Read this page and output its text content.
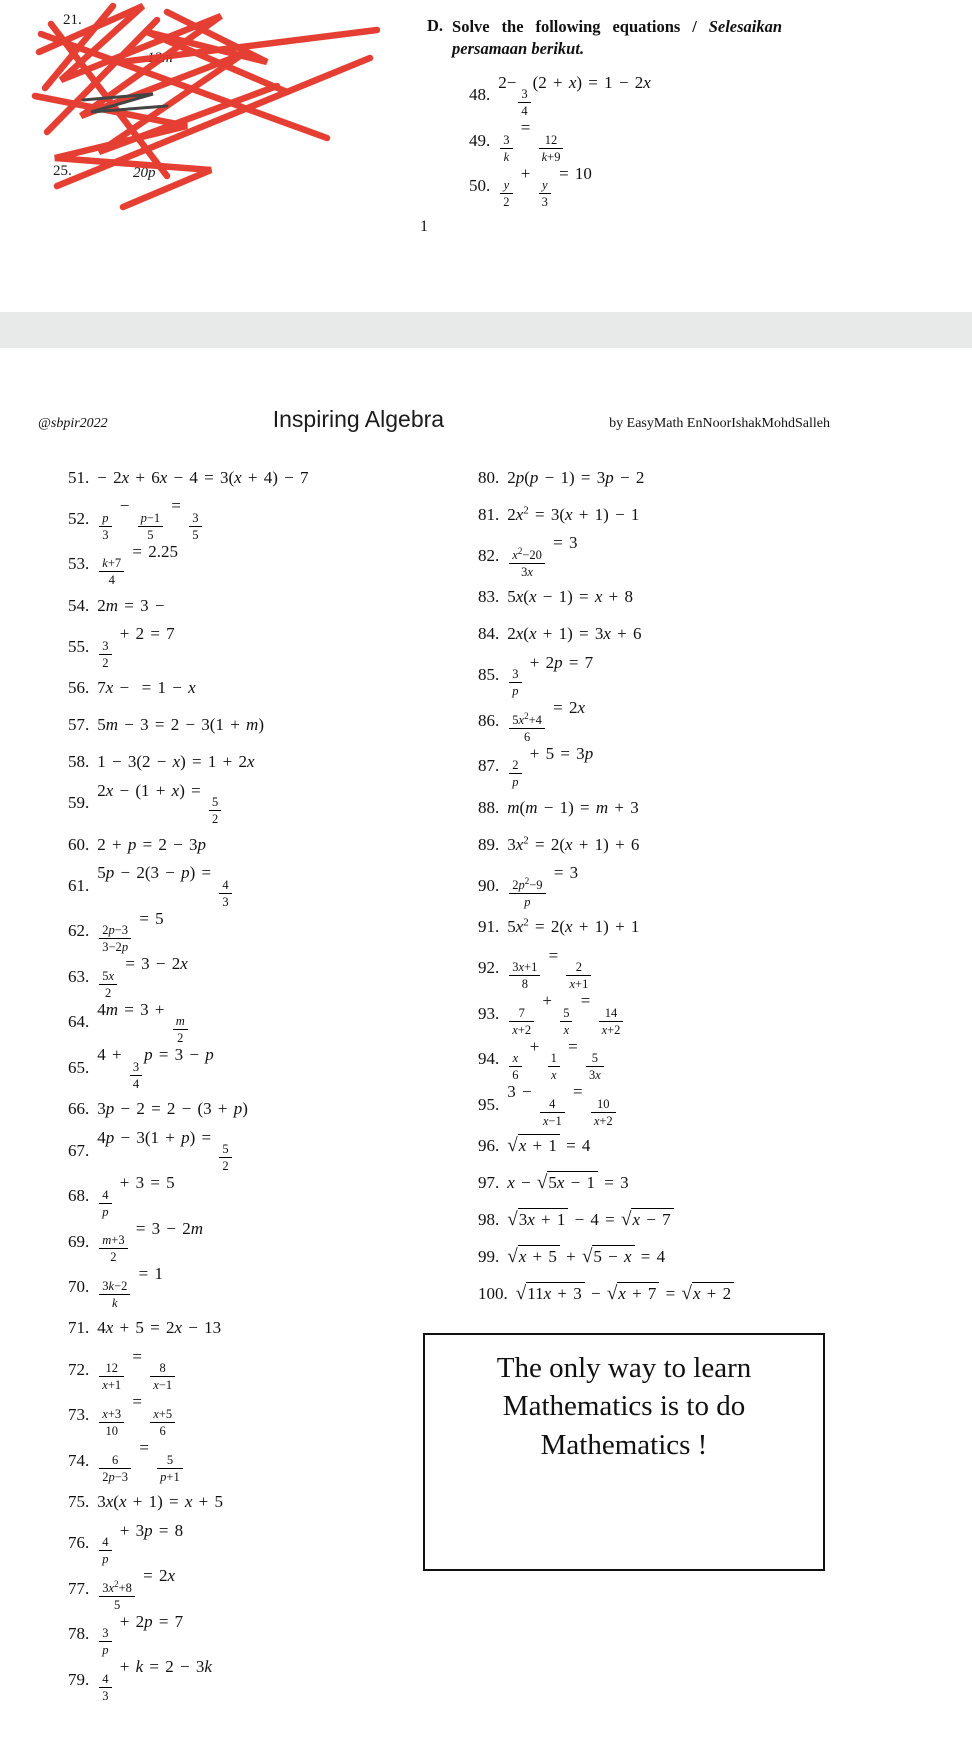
21.
12m
25.	20p
D. Solve the following equations / Selesaikan persamaan berikut.
48.
2−
$\frac{3}{4}$
(2 + x) = 1 − 2x
49. $\frac{3}{k}$
=
$\frac{12}{k+9}$
50. $\frac{y}{2}$
+
$\frac{y}{3}$
= 10
1
@sbpir2022	Inspiring Algebra	by EasyMath EnNoorIshakMohdSalleh
51. − 2x + 6x − 4 = 3(x + 4) − 7
52. $\frac{p}{3}$
−
$\frac{p-1}{5}$
=
$\frac{3}{5}$
53. $\frac{k+7}{4}$
= 2.25
54. 2m = 3 −
55. $\frac{3}{2}$
+ 2 = 7
56. 7x −  = 1 − x
57. 5m − 3 = 2 − 3(1 + m)
58. 1 − 3(2 − x) = 1 + 2x
59.
2x − (1 + x) =
$\frac{5}{2}$
60. 2 + p = 2 − 3p
61.
5p − 2(3 − p) =
$\frac{4}{3}$
62. $\frac{2p-3}{3-2p}$
= 5
63. $\frac{5x}{2}$
= 3 − 2x
64.
4m = 3 +
$\frac{m}{2}$
65.
4 +
$\frac{3}{4}$
p = 3 − p
66. 3p − 2 = 2 − (3 + p)
67.
4p − 3(1 + p) =
$\frac{5}{2}$
68. $\frac{4}{p}$
+ 3 = 5
69. $\frac{m+3}{2}$
= 3 − 2m
70. $\frac{3k-2}{k}$
= 1
71. 4x + 5 = 2x − 13
72. $\frac{12}{x+1}$
=
$\frac{8}{x-1}$
73. $\frac{x+3}{10}$
=
$\frac{x+5}{6}$
74. $\frac{6}{2p-3}$
=
$\frac{5}{p+1}$
75. 3x(x + 1) = x + 5
76. $\frac{4}{p}$
+ 3p = 8
77. $\frac{3x^2+8}{5}$
= 2x
78. $\frac{3}{p}$
+ 2p = 7
79. $\frac{4}{3}$
+ k = 2 − 3k
80. 2p(p − 1) = 3p − 2
81. $2x^2 = 3(x + 1) - 1$
82. $\frac{x^2-20}{3x}$
= 3
83. 5x(x − 1) = x + 8
84. 2x(x + 1) = 3x + 6
85. $\frac{3}{p}$
+ 2p = 7
86. $\frac{5x^2+4}{6}$
= 2x
87. $\frac{2}{p}$
+ 5 = 3p
88. m(m − 1) = m + 3
89. $3x^2 = 2(x + 1) + 6$
90. $\frac{2p^2-9}{p}$
= 3
91. $5x^2 = 2(x + 1) + 1$
92. $\frac{3x+1}{8}$
=
$\frac{2}{x+1}$
93. $\frac{7}{x+2}$
+
$\frac{5}{x}$
=
$\frac{14}{x+2}$
94. $\frac{x}{6}$
+
$\frac{1}{x}$
=
$\frac{5}{3x}$
95.
3 −
$\frac{4}{x-1}$
=
$\frac{10}{x+2}$
96. √x + 1 = 4
97. x − √5x − 1 = 3
98. √3x + 1 − 4 = √x − 7
99. √x + 5 + √5 − x = 4
100. √11x + 3 − √x + 7 = √x + 2
The only way to learn
Mathematics is to do
Mathematics !
